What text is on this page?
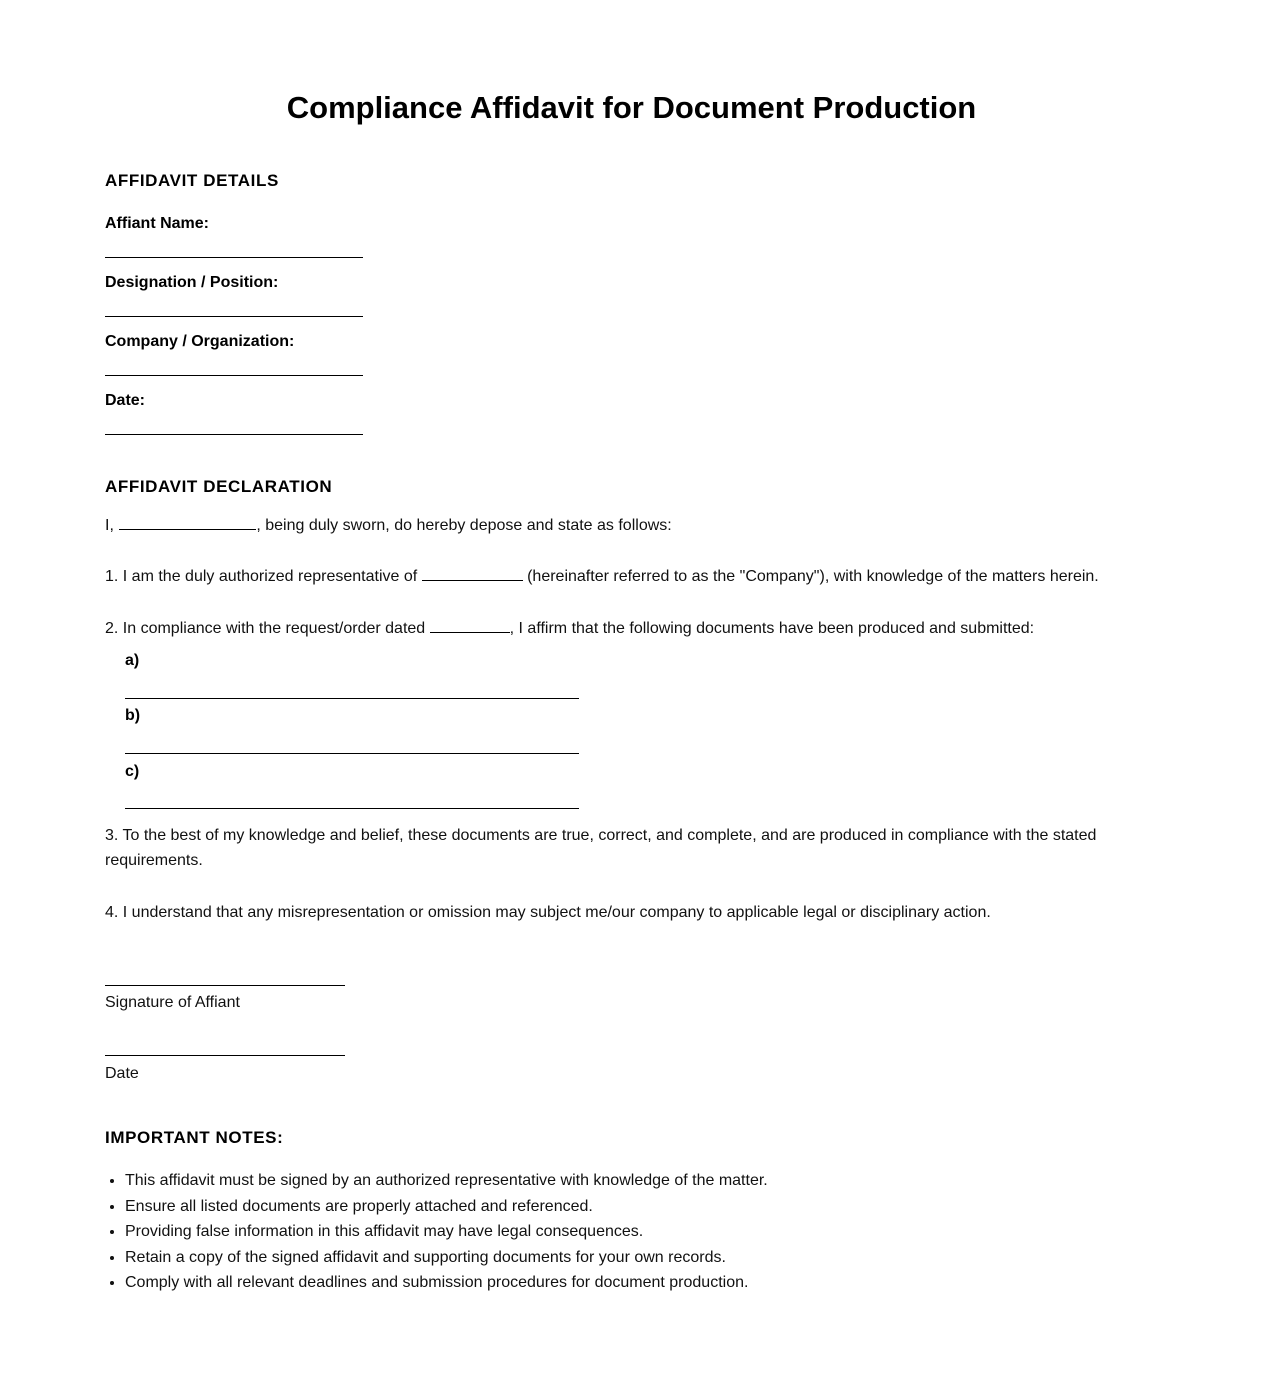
Compliance Affidavit for Document Production
AFFIDAVIT DETAILS
Affiant Name:
Designation / Position:
Company / Organization:
Date:
AFFIDAVIT DECLARATION

I,	, being duly sworn, do hereby depose and state as follows:

1. I am the duly authorized representative of	(hereinafter referred to as the "Company"), with knowledge of the matters herein.

2. In compliance with the request/order dated	, I affirm that the following documents have been produced and submitted:

a)
b)
c)

3. To the best of my knowledge and belief, these documents are true, correct, and complete, and are produced in compliance with the stated requirements.

4. I understand that any misrepresentation or omission may subject me/our company to applicable legal or disciplinary action.

Signature of Affiant
Date
IMPORTANT NOTES:
• This affidavit must be signed by an authorized representative with knowledge of the matter.
• Ensure all listed documents are properly attached and referenced.
• Providing false information in this affidavit may have legal consequences.
• Retain a copy of the signed affidavit and supporting documents for your own records.
• Comply with all relevant deadlines and submission procedures for document production.
